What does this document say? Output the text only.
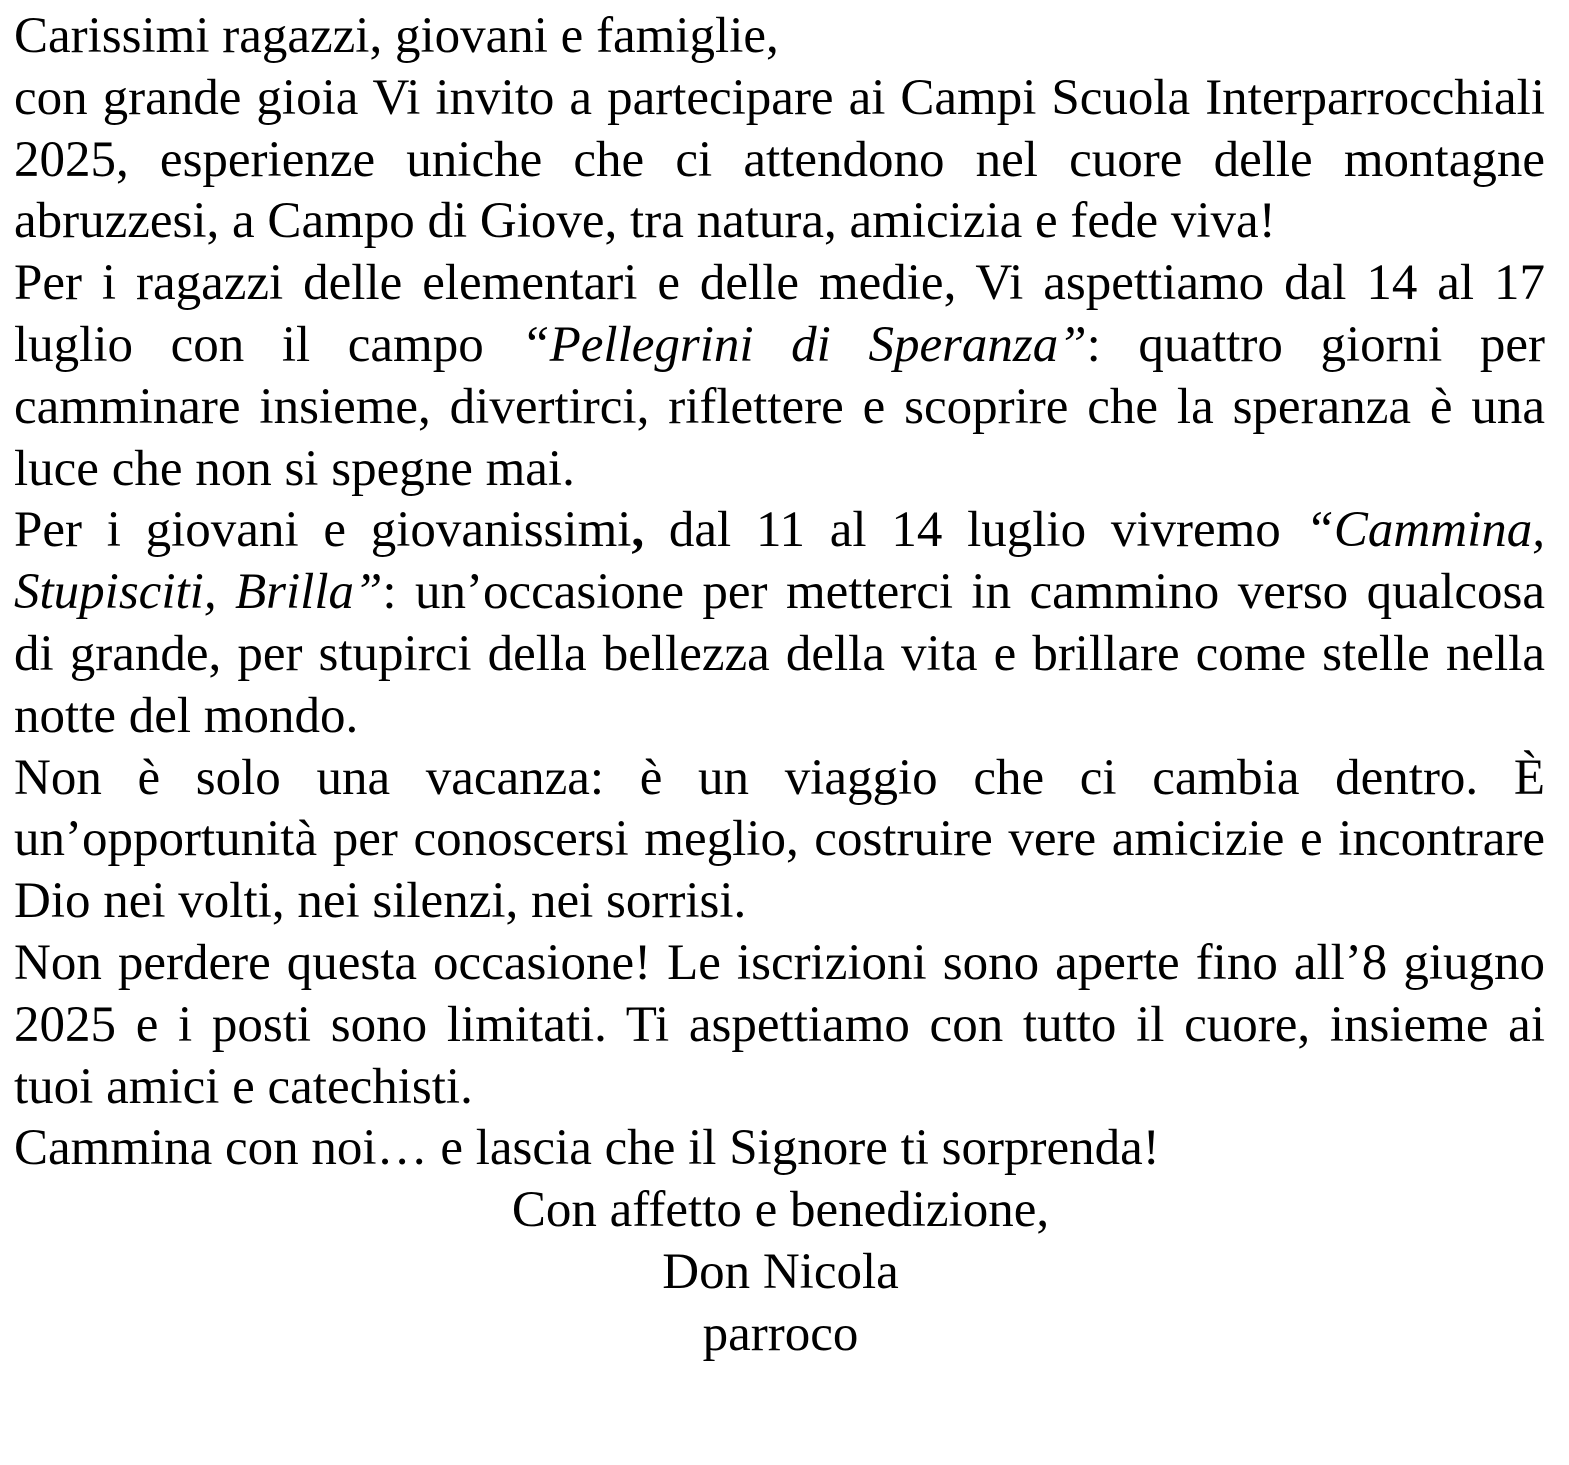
Carissimi ragazzi, giovani e famiglie,

con grande gioia Vi invito a partecipare ai Campi Scuola Interparrocchiali 2025, esperienze uniche che ci attendono nel cuore delle montagne abruzzesi, a Campo di Giove, tra natura, amicizia e fede viva!

Per i ragazzi delle elementari e delle medie, Vi aspettiamo dal 14 al 17 luglio con il campo “Pellegrini di Speranza”: quattro giorni per camminare insieme, divertirci, riflettere e scoprire che la speranza è una luce che non si spegne mai.

Per i giovani e giovanissimi, dal 11 al 14 luglio vivremo “Cammina, Stupisciti, Brilla”: un’occasione per metterci in cammino verso qualcosa di grande, per stupirci della bellezza della vita e brillare come stelle nella notte del mondo.

Non è solo una vacanza: è un viaggio che ci cambia dentro. È un’opportunità per conoscersi meglio, costruire vere amicizie e incontrare Dio nei volti, nei silenzi, nei sorrisi.

Non perdere questa occasione! Le iscrizioni sono aperte fino all’8 giugno 2025 e i posti sono limitati. Ti aspettiamo con tutto il cuore, insieme ai tuoi amici e catechisti.

Cammina con noi… e lascia che il Signore ti sorprenda!

Con affetto e benedizione,

Don Nicola

parroco
